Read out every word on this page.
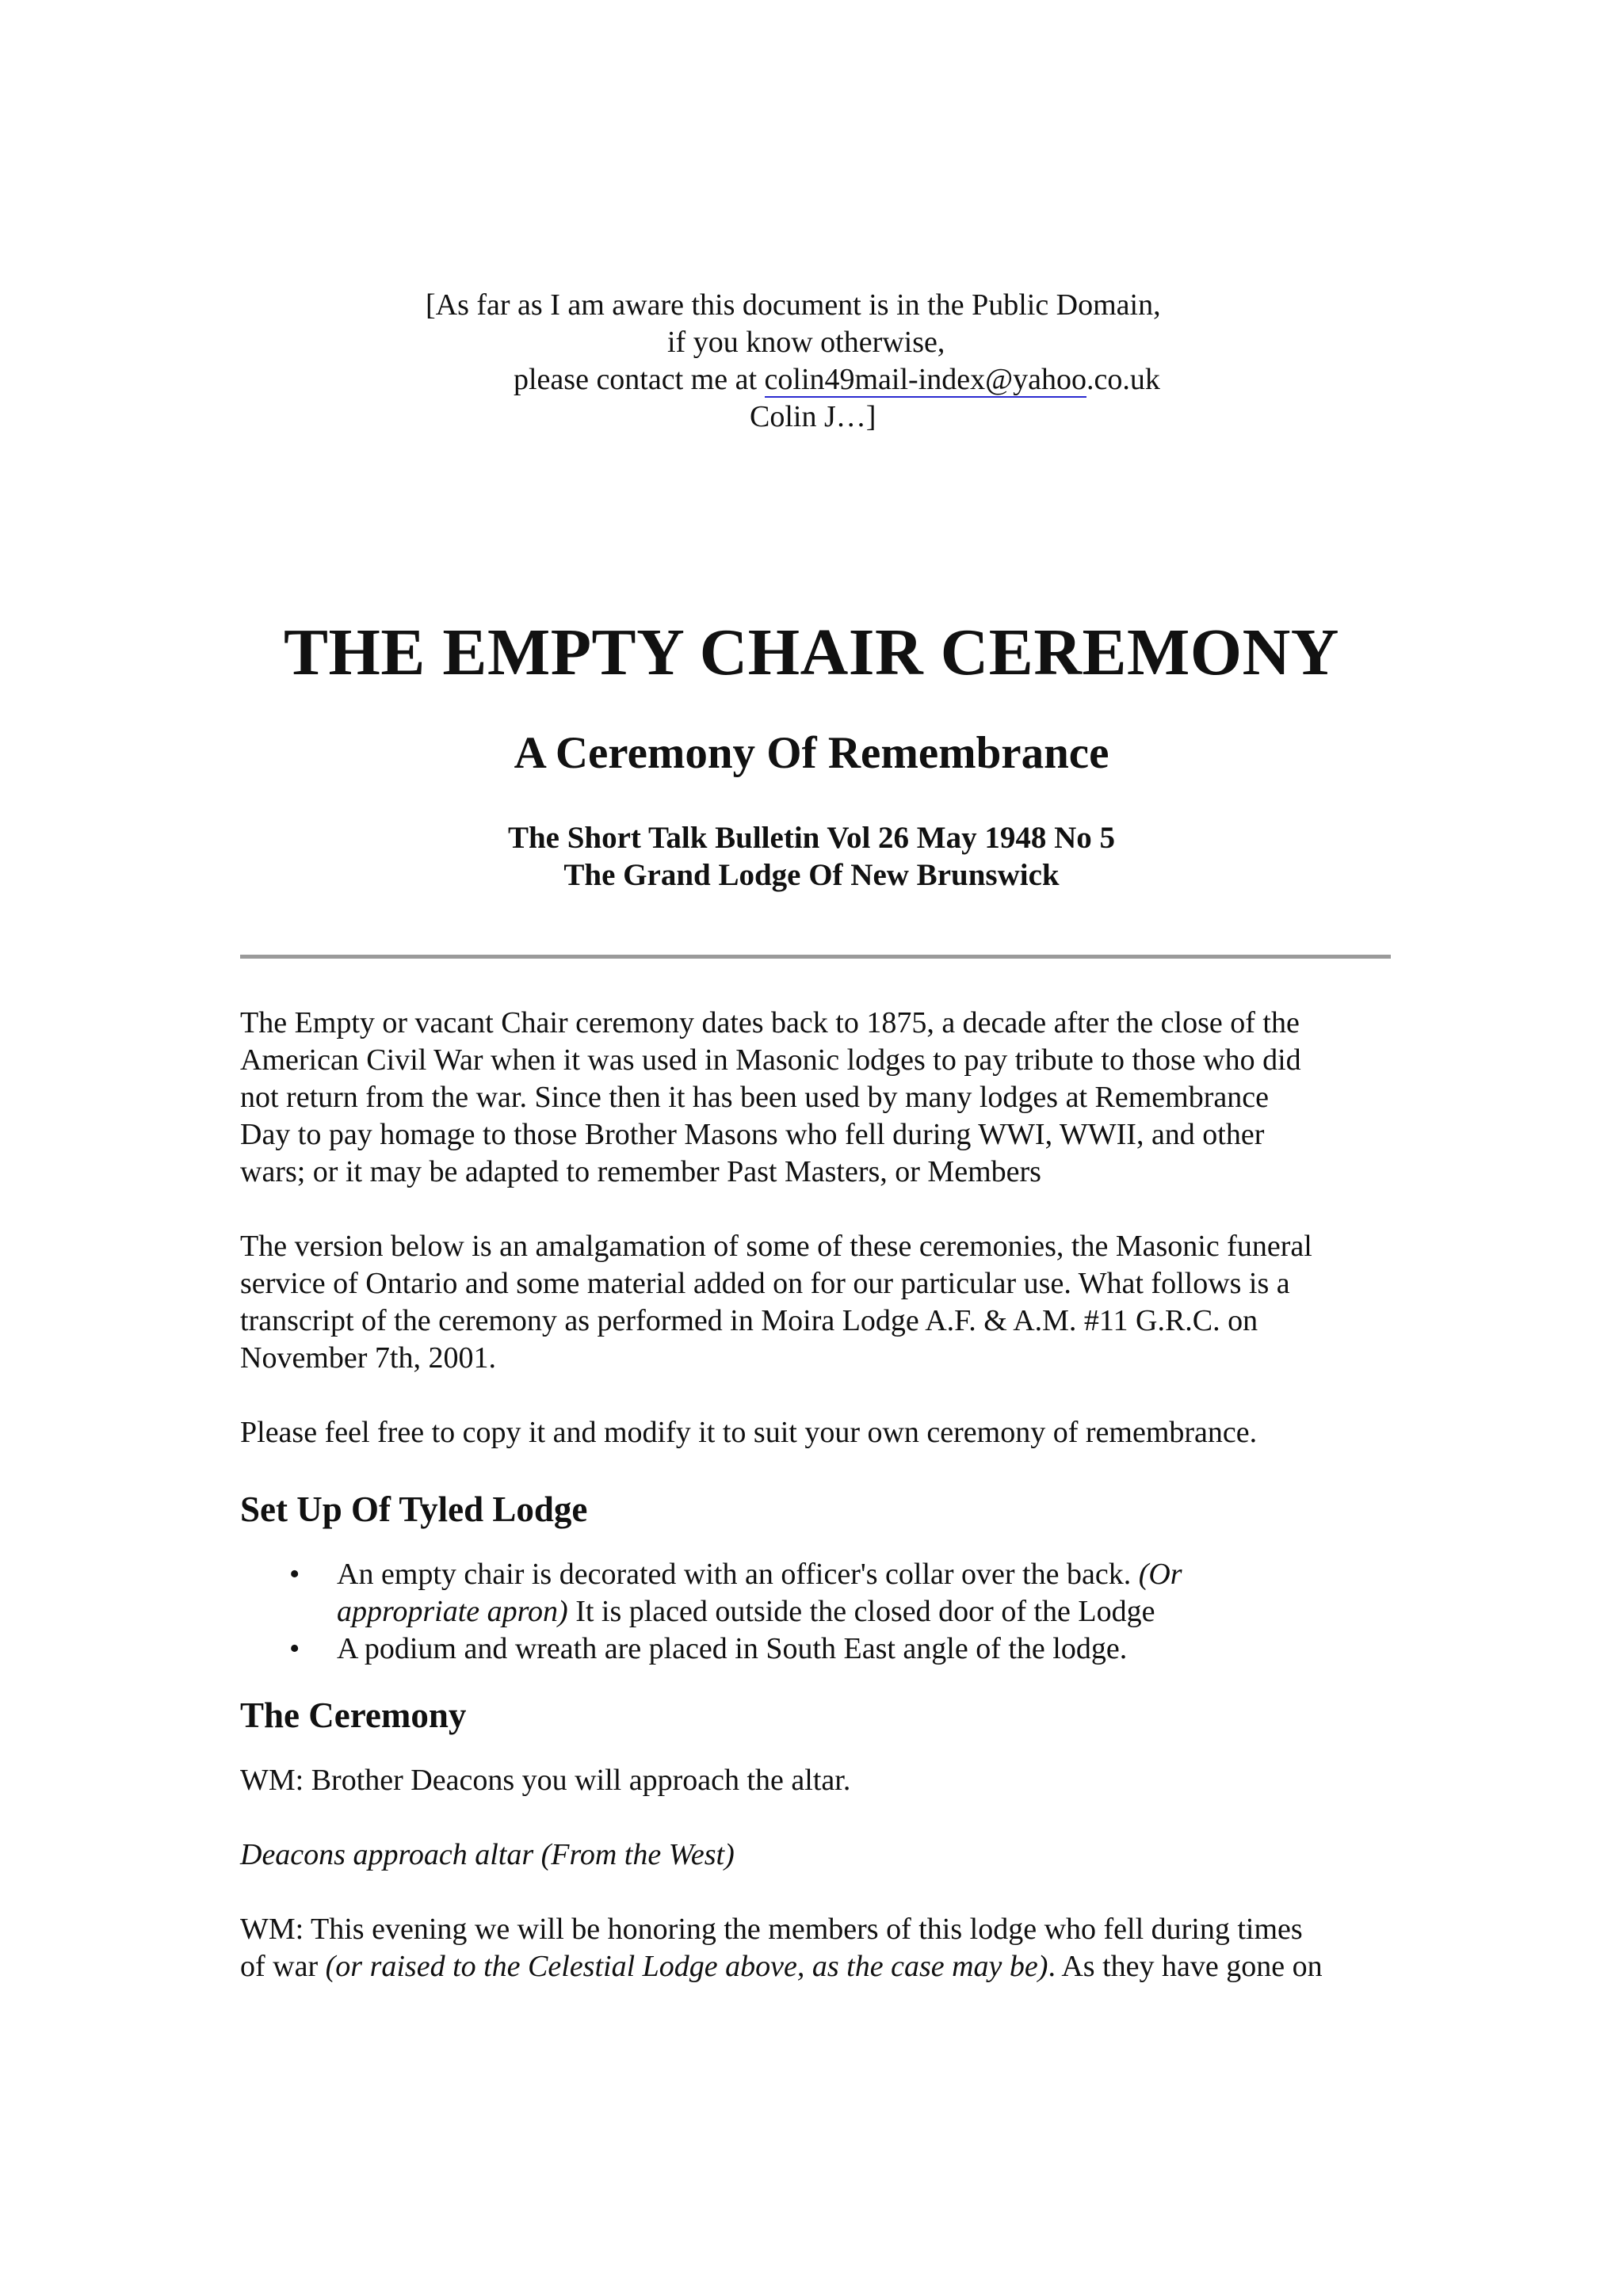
[As far as I am aware this document is in the Public Domain,
if you know otherwise,
please contact me at colin49mail-index@yahoo.co.uk
Colin J…]
THE EMPTY CHAIR CEREMONY
A Ceremony Of Remembrance
The Short Talk Bulletin Vol 26 May 1948 No 5
The Grand Lodge Of New Brunswick

The Empty or vacant Chair ceremony dates back to 1875, a decade after the close of the
American Civil War when it was used in Masonic lodges to pay tribute to those who did
not return from the war. Since then it has been used by many lodges at Remembrance
Day to pay homage to those Brother Masons who fell during WWI, WWII, and other
wars; or it may be adapted to remember Past Masters, or Members

The version below is an amalgamation of some of these ceremonies, the Masonic funeral
service of Ontario and some material added on for our particular use. What follows is a
transcript of the ceremony as performed in Moira Lodge A.F. & A.M. #11 G.R.C. on
November 7th, 2001.

Please feel free to copy it and modify it to suit your own ceremony of remembrance.

Set Up Of Tyled Lodge
• An empty chair is decorated with an officer's collar over the back. (Or
appropriate apron) It is placed outside the closed door of the Lodge
• A podium and wreath are placed in South East angle of the lodge.
The Ceremony

WM: Brother Deacons you will approach the altar.

Deacons approach altar (From the West)

WM: This evening we will be honoring the members of this lodge who fell during times
of war (or raised to the Celestial Lodge above, as the case may be). As they have gone on
